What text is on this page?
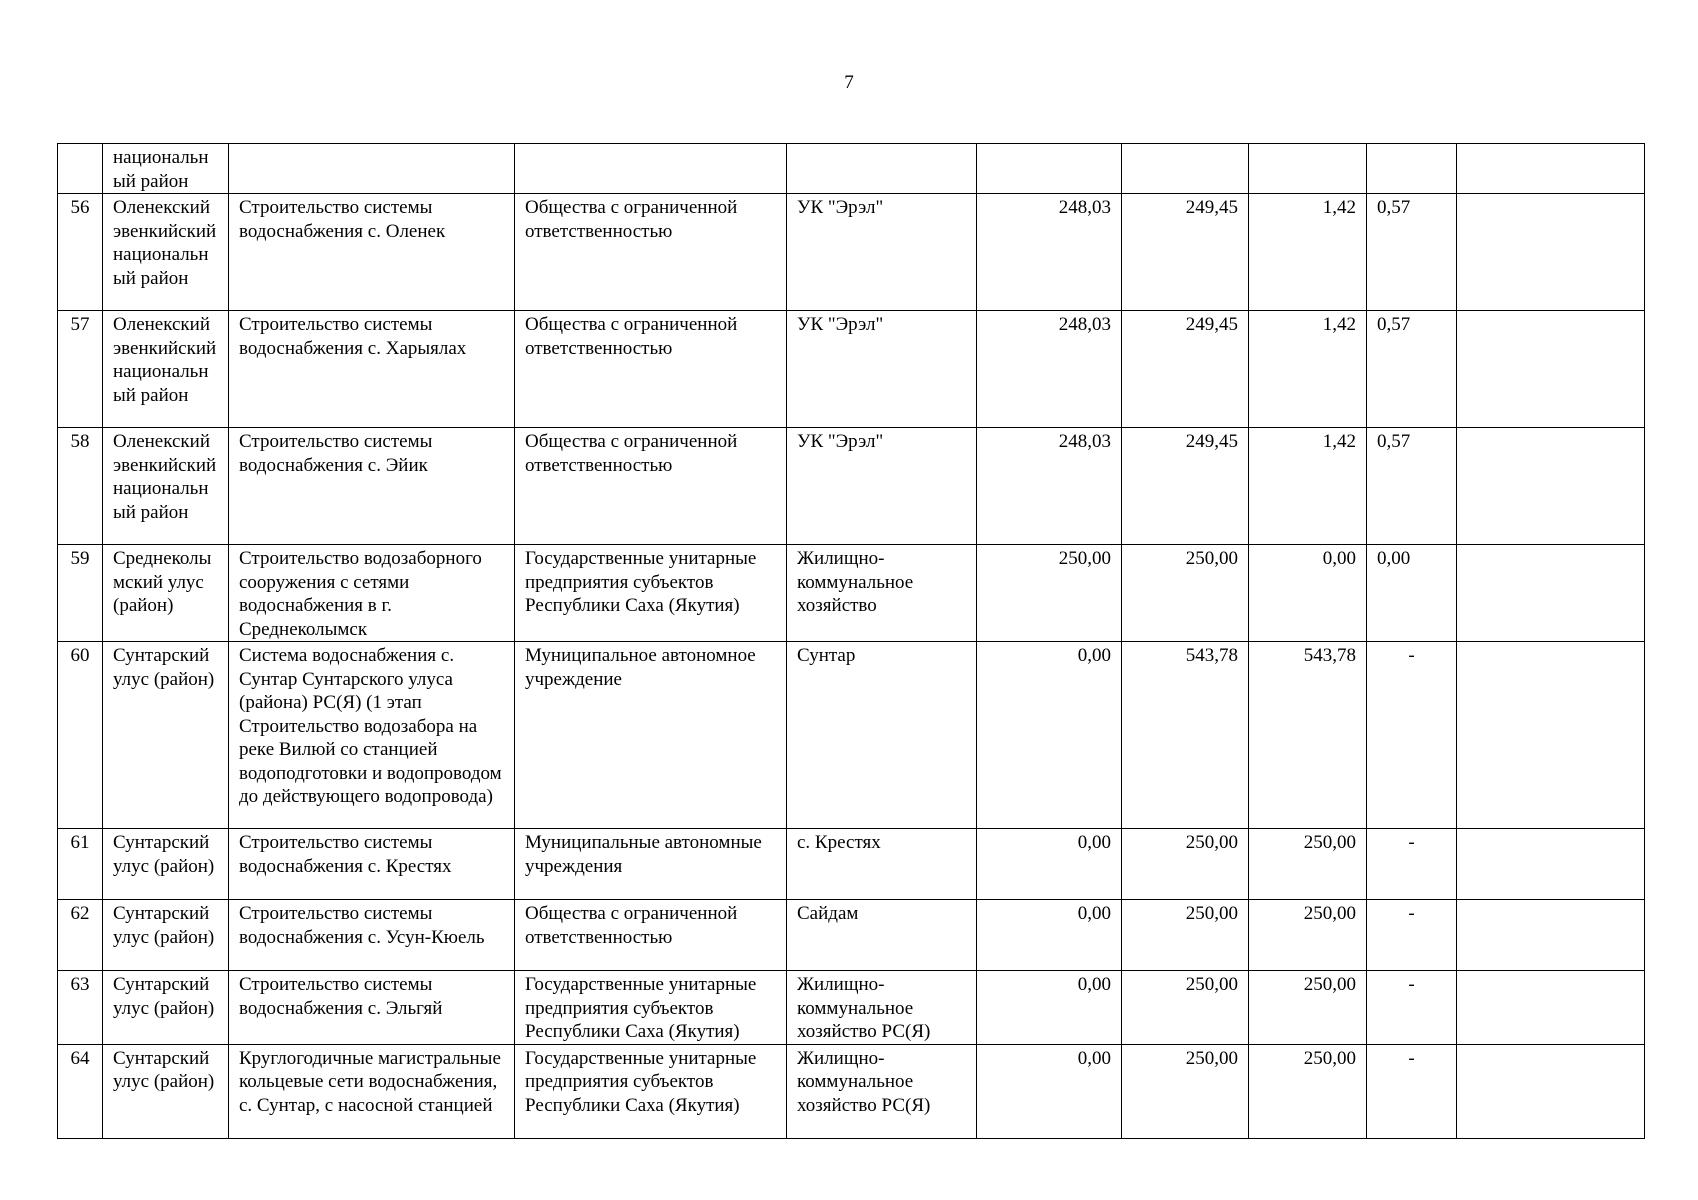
7
	национальный район								
56	Оленекский эвенкийский национальный район	Строительство системы водоснабжения с. Оленек	Общества с ограниченной ответственностью	УК "Эрэл"	248,03	249,45	1,42	0,57	
57	Оленекский эвенкийский национальный район	Строительство системы водоснабжения с. Харыялах	Общества с ограниченной ответственностью	УК "Эрэл"	248,03	249,45	1,42	0,57	
58	Оленекский эвенкийский национальный район	Строительство системы водоснабжения с. Эйик	Общества с ограниченной ответственностью	УК "Эрэл"	248,03	249,45	1,42	0,57	
59	Среднеколымский улус (район)	Строительство водозаборного сооружения с сетями водоснабжения в г. Среднеколымск	Государственные унитарные предприятия субъектов Республики Саха (Якутия)	Жилищно-коммунальное хозяйство	250,00	250,00	0,00	0,00	
60	Сунтарский улус (район)	Система водоснабжения с. Сунтар Сунтарского улуса (района) РС(Я) (1 этап Строительство водозабора на реке Вилюй со станцией водоподготовки и водопроводом до действующего водопровода)	Муниципальное автономное учреждение	Сунтар	0,00	543,78	543,78	-	
61	Сунтарский улус (район)	Строительство системы водоснабжения с. Крестях	Муниципальные автономные учреждения	с. Крестях	0,00	250,00	250,00	-	
62	Сунтарский улус (район)	Строительство системы водоснабжения с. Усун-Кюель	Общества с ограниченной ответственностью	Сайдам	0,00	250,00	250,00	-	
63	Сунтарский улус (район)	Строительство системы водоснабжения с. Эльгяй	Государственные унитарные предприятия субъектов Республики Саха (Якутия)	Жилищно-коммунальное хозяйство РС(Я)	0,00	250,00	250,00	-	
64	Сунтарский улус (район)	Круглогодичные магистральные кольцевые сети водоснабжения, с. Сунтар, с насосной станцией	Государственные унитарные предприятия субъектов Республики Саха (Якутия)	Жилищно-коммунальное хозяйство РС(Я)	0,00	250,00	250,00	-	
